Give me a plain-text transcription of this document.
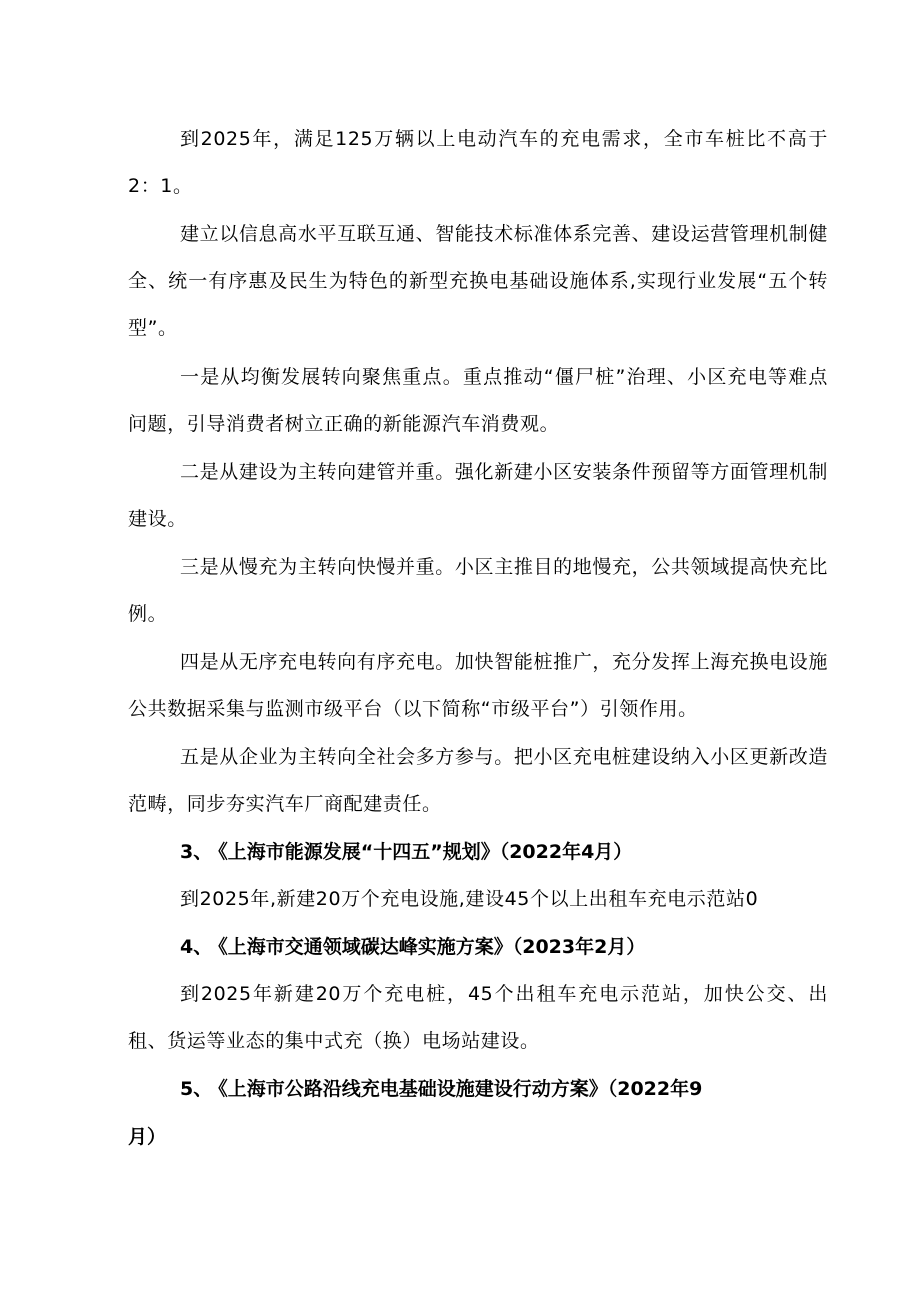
到2025年，满足125万辆以上电动汽车的充电需求，全市车桩比不高于2：1。

建立以信息高水平互联互通、智能技术标准体系完善、建设运营管理机制健全、统一有序惠及民生为特色的新型充换电基础设施体系,实现行业发展“五个转型”。

一是从均衡发展转向聚焦重点。重点推动“僵尸桩”治理、小区充电等难点问题，引导消费者树立正确的新能源汽车消费观。

二是从建设为主转向建管并重。强化新建小区安装条件预留等方面管理机制建设。

三是从慢充为主转向快慢并重。小区主推目的地慢充，公共领域提高快充比例。

四是从无序充电转向有序充电。加快智能桩推广，充分发挥上海充换电设施公共数据采集与监测市级平台（以下简称“市级平台”）引领作用。

五是从企业为主转向全社会多方参与。把小区充电桩建设纳入小区更新改造范畴，同步夯实汽车厂商配建责任。

3、 《上海市能源发展“十四五”规划》（2022年4月）

到2025年,新建20万个充电设施,建设45个以上出租车充电示范站0

4、 《上海市交通领域碳达峰实施方案》（2023年2月）

到2025年新建20万个充电桩，45个出租车充电示范站，加快公交、出租、货运等业态的集中式充（换）电场站建设。

5、 《上海市公路沿线充电基础设施建设行动方案》（2022年9

月）
